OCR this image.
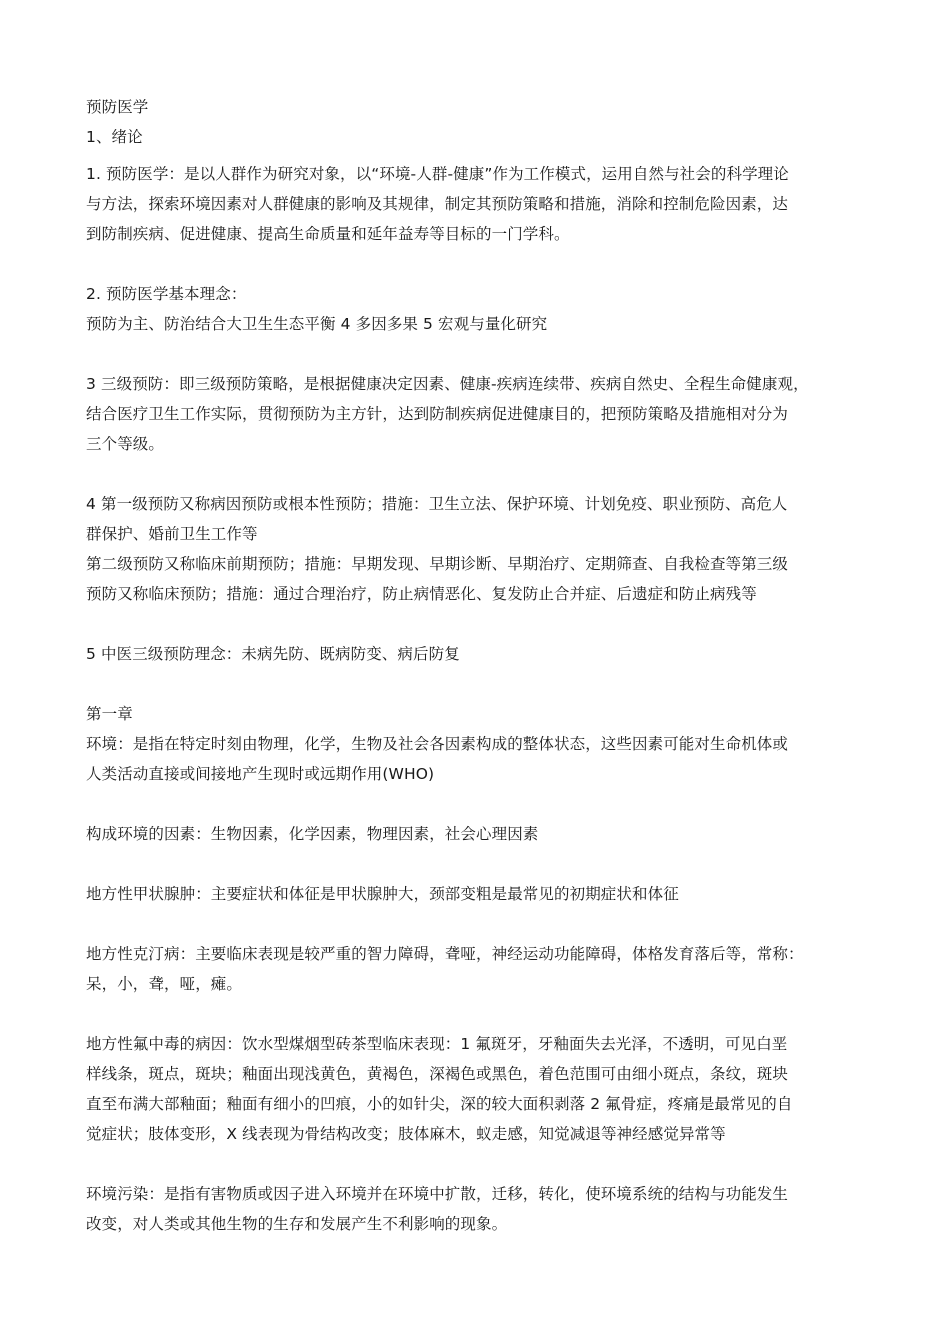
预防医学
1、绪论
1. 预防医学：是以人群作为研究对象，以“环境-人群-健康”作为工作模式，运用自然与社会的科学理论
与方法，探索环境因素对人群健康的影响及其规律，制定其预防策略和措施，消除和控制危险因素，达
到防制疾病、促进健康、提高生命质量和延年益寿等目标的一门学科。
2. 预防医学基本理念：
预防为主、防治结合大卫生生态平衡 4 多因多果 5 宏观与量化研究
3 三级预防：即三级预防策略，是根据健康决定因素、健康-疾病连续带、疾病自然史、全程生命健康观，
结合医疗卫生工作实际，贯彻预防为主方针，达到防制疾病促进健康目的，把预防策略及措施相对分为
三个等级。
4 第一级预防又称病因预防或根本性预防；措施：卫生立法、保护环境、计划免疫、职业预防、高危人
群保护、婚前卫生工作等
第二级预防又称临床前期预防；措施：早期发现、早期诊断、早期治疗、定期筛查、自我检查等第三级
预防又称临床预防；措施：通过合理治疗，防止病情恶化、复发防止合并症、后遗症和防止病残等
5 中医三级预防理念：未病先防、既病防变、病后防复
第一章
环境：是指在特定时刻由物理，化学，生物及社会各因素构成的整体状态，这些因素可能对生命机体或
人类活动直接或间接地产生现时或远期作用(WHO)
构成环境的因素：生物因素，化学因素，物理因素，社会心理因素
地方性甲状腺肿：主要症状和体征是甲状腺肿大，颈部变粗是最常见的初期症状和体征
地方性克汀病：主要临床表现是较严重的智力障碍，聋哑，神经运动功能障碍，体格发育落后等，常称：
呆，小，聋，哑，瘫。
地方性氟中毒的病因：饮水型煤烟型砖茶型临床表现：1 氟斑牙，牙釉面失去光泽，不透明，可见白垩
样线条，斑点，斑块；釉面出现浅黄色，黄褐色，深褐色或黑色，着色范围可由细小斑点，条纹，斑块
直至布满大部釉面；釉面有细小的凹痕，小的如针尖，深的较大面积剥落 2 氟骨症，疼痛是最常见的自
觉症状；肢体变形，X 线表现为骨结构改变；肢体麻木，蚁走感，知觉减退等神经感觉异常等
环境污染：是指有害物质或因子进入环境并在环境中扩散，迁移，转化，使环境系统的结构与功能发生
改变，对人类或其他生物的生存和发展产生不利影响的现象。
